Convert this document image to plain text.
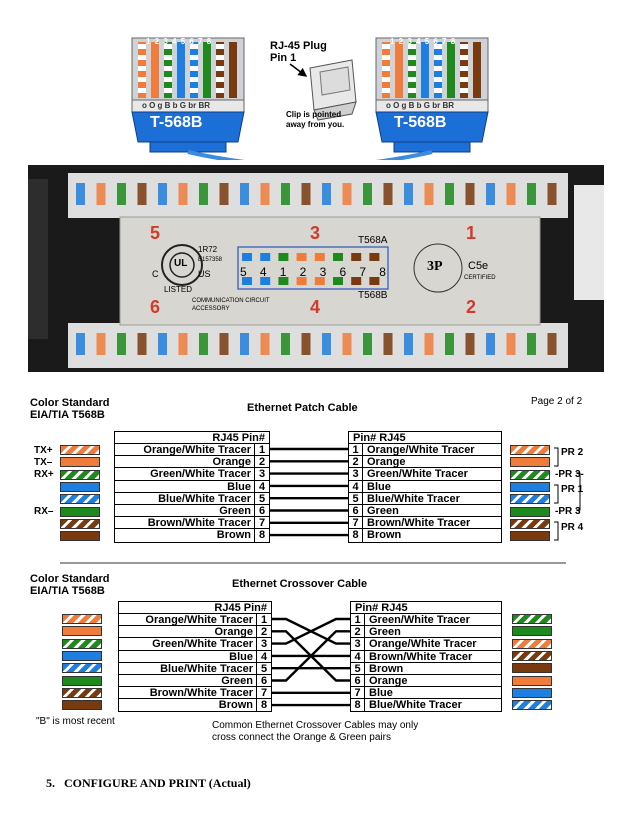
1 2 3 4 5 6 7 8	1 2 3 4 5 6 7 8
o O g B b G br BR	o O g B b G br BR
T-568B	T-568B
RJ-45 Plug
Pin 1
Clip is pointed away from you.
5	3	1
6	4	2
T568A
T568B
1R72
E157358
C	US
UL
LISTED
COMMUNICATION CIRCUIT
ACCESSORY
3P C5e
CERTIFIED
5 4 1 2 3 6 7 8
Color Standard
EIA/TIA T568B
Ethernet Patch Cable
Page 2 of 2
RJ45 Pin#
Orange/White Tracer 1
Orange 2
Green/White Tracer 3
Blue 4
Blue/White Tracer 5
Green 6
Brown/White Tracer 7
Brown 8
Pin# RJ45
1 Orange/White Tracer
2 Orange
3 Green/White Tracer
4 Blue
5 Blue/White Tracer
6 Green
7 Brown/White Tracer
8 Brown
TX+
TX–
RX+
RX–
PR 2
-PR 3-
PR 1
-PR 3
PR 4
Color Standard
EIA/TIA T568B
Ethernet Crossover Cable
RJ45 Pin#
Orange/White Tracer 1
Orange 2
Green/White Tracer 3
Blue 4
Blue/White Tracer 5
Green 6
Brown/White Tracer 7
Brown 8
Pin# RJ45
1 Green/White Tracer
2 Green
3 Orange/White Tracer
4 Brown/White Tracer
5 Brown
6 Orange
7 Blue
8 Blue/White Tracer
"B" is most recent	Common Ethernet Crossover Cables may only
cross connect the Orange & Green pairs
5. CONFIGURE AND PRINT (Actual)
